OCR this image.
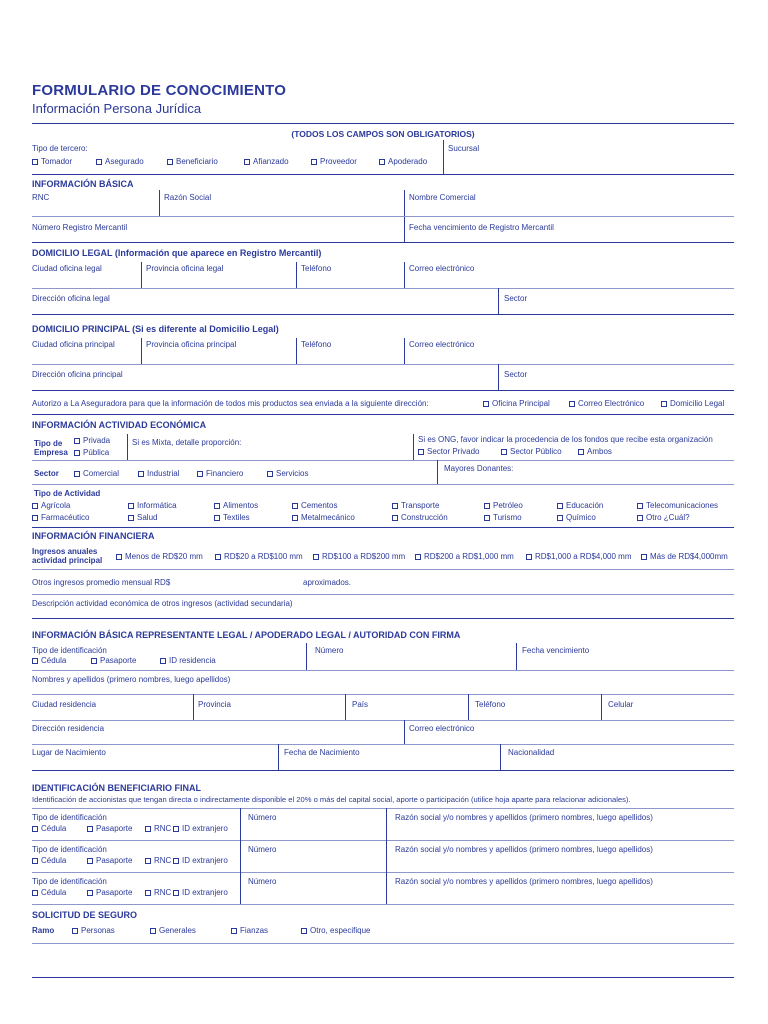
FORMULARIO DE CONOCIMIENTO
Información Persona Jurídica
(TODOS LOS CAMPOS SON OBLIGATORIOS)
Tipo de tercero:	Sucursal
Tomador	Asegurado	Beneficiario	Afianzado	Proveedor	Apoderado
INFORMACIÓN BÁSICA
RNC	Razón Social	Nombre Comercial
Número Registro Mercantil	Fecha vencimiento de Registro Mercantil
DOMICILIO LEGAL (Información que aparece en Registro Mercantil)
Ciudad oficina legal	Provincia oficina legal	Teléfono	Correo electrónico
Dirección oficina legal	Sector
DOMICILIO PRINCIPAL (Si es diferente al Domicilio Legal)
Ciudad oficina principal	Provincia oficina principal	Teléfono	Correo electrónico
Dirección oficina principal	Sector
Autorizo a La Aseguradora para que la información de todos mis productos sea enviada a la siguiente dirección:	Oficina Principal	Correo Electrónico	Domicilio Legal
INFORMACIÓN ACTIVIDAD ECONÓMICA
Tipo de
Empresa
Privada
Pública
Si es Mixta, detalle proporción:	Si es ONG, favor indicar la procedencia de los fondos que recibe esta organización
Sector Privado	Sector Público	Ambos
Sector	Comercial	Industrial	Financiero	Servicios
Mayores Donantes:
Tipo de Actividad
Agrícola	Informática	Alimentos	Cementos	Transporte	Petróleo	Educación	Telecomunicaciones
Farmacéutico	Salud	Textiles	Metalmecánico	Construcción	Turismo	Químico	Otro ¿Cuál?
INFORMACIÓN FINANCIERA
Ingresos anuales
actividad principal	Menos de RD$20 mm	RD$20 a RD$100 mm	RD$100 a RD$200 mm	RD$200 a RD$1,000 mm	RD$1,000 a RD$4,000 mm	Más de RD$4,000mm
Otros ingresos promedio mensual RD$	aproximados.
Descripción actividad económica de otros ingresos (actividad secundaria)
INFORMACIÓN BÁSICA REPRESENTANTE LEGAL / APODERADO LEGAL / AUTORIDAD CON FIRMA
Tipo de identificación
Cédula	Pasaporte	ID residencia
Número	Fecha vencimiento
Nombres y apellidos (primero nombres, luego apellidos)
Ciudad residencia	Provincia	País	Teléfono	Celular
Dirección residencia	Correo electrónico
Lugar de Nacimiento	Fecha de Nacimiento	Nacionalidad
IDENTIFICACIÓN BENEFICIARIO FINAL
Identificación de accionistas que tengan directa o indirectamente disponible el 20% o más del capital social, aporte o participación (utilice hoja aparte para relacionar adicionales).
Tipo de identificación
Cédula	Pasaporte	RNC	ID extranjero
Número	Razón social y/o nombres y apellidos (primero nombres, luego apellidos)
Tipo de identificación
Cédula	Pasaporte	RNC	ID extranjero
Número	Razón social y/o nombres y apellidos (primero nombres, luego apellidos)
Tipo de identificación
Cédula	Pasaporte	RNC	ID extranjero
Número	Razón social y/o nombres y apellidos (primero nombres, luego apellidos)
SOLICITUD DE SEGURO
Ramo	Personas	Generales	Fianzas	Otro, especifique
